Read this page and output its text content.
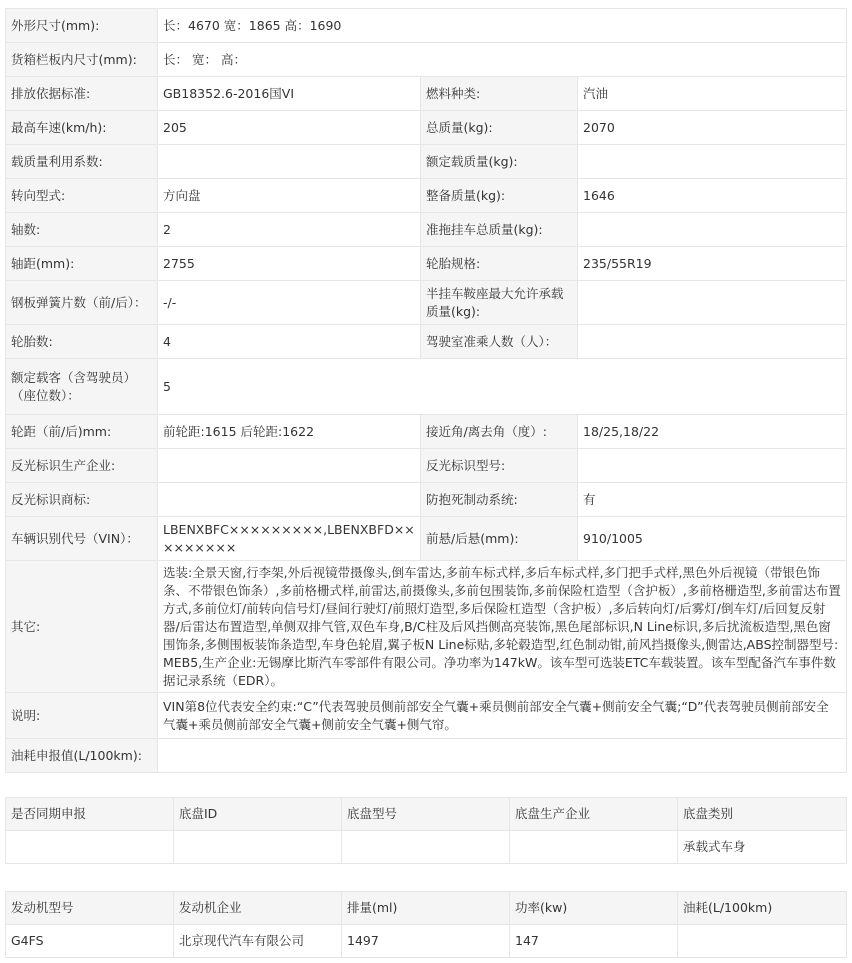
外形尺寸(mm):	长：4670 宽：1865 高：1690		
货箱栏板内尺寸(mm):	长： 宽： 高：		
排放依据标准:	GB18352.6-2016国VI	燃料种类:	汽油
最高车速(km/h):	205	总质量(kg):	2070
载质量利用系数:		额定载质量(kg):	
转向型式:	方向盘	整备质量(kg):	1646
轴数:	2	准拖挂车总质量(kg):	
轴距(mm):	2755	轮胎规格:	235/55R19
钢板弹簧片数（前/后）：	-/-	半挂车鞍座最大允许承载质量(kg):	
轮胎数:	4	驾驶室准乘人数（人）：	
额定载客（含驾驶员）（座位数）：	5		
轮距（前/后)mm:	前轮距:1615 后轮距:1622	接近角/离去角（度）:	18/25,18/22
反光标识生产企业:		反光标识型号:	
反光标识商标:		防抱死制动系统:	有
车辆识别代号（VIN）：	LBENXBFC×××××××××,LBENXBFD×××××××××	前悬/后悬(mm):	910/1005
其它:	选装:全景天窗,行李架,外后视镜带摄像头,倒车雷达,多前车标式样,多后车标式样,多门把手式样,黑色外后视镜（带银色饰条、不带银色饰条）,多前格栅式样,前雷达,前摄像头,多前包围装饰,多前保险杠造型（含护板）,多前格栅造型,多前雷达布置方式,多前位灯/前转向信号灯/昼间行驶灯/前照灯造型,多后保险杠造型（含护板）,多后转向灯/后雾灯/倒车灯/后回复反射器/后雷达布置造型,单侧双排气管,双色车身,B/C柱及后风挡侧高亮装饰,黑色尾部标识,N Line标识,多后扰流板造型,黑色窗围饰条,多侧围板装饰条造型,车身色轮眉,翼子板N Line标贴,多轮毂造型,红色制动钳,前风挡摄像头,侧雷达,ABS控制器型号:MEB5,生产企业:无锡摩比斯汽车零部件有限公司。净功率为147kW。该车型可选装ETC车载装置。该车型配备汽车事件数据记录系统（EDR）。		
说明:	VIN第8位代表安全约束:“C”代表驾驶员侧前部安全气囊+乘员侧前部安全气囊+侧前安全气囊;“D”代表驾驶员侧前部安全气囊+乘员侧前部安全气囊+侧前安全气囊+侧气帘。		
油耗申报值(L/100km):			
是否同期申报	底盘ID	底盘型号	底盘生产企业	底盘类别
				承载式车身
发动机型号	发动机企业	排量(ml)	功率(kw)	油耗(L/100km)
G4FS	北京现代汽车有限公司	1497	147	
